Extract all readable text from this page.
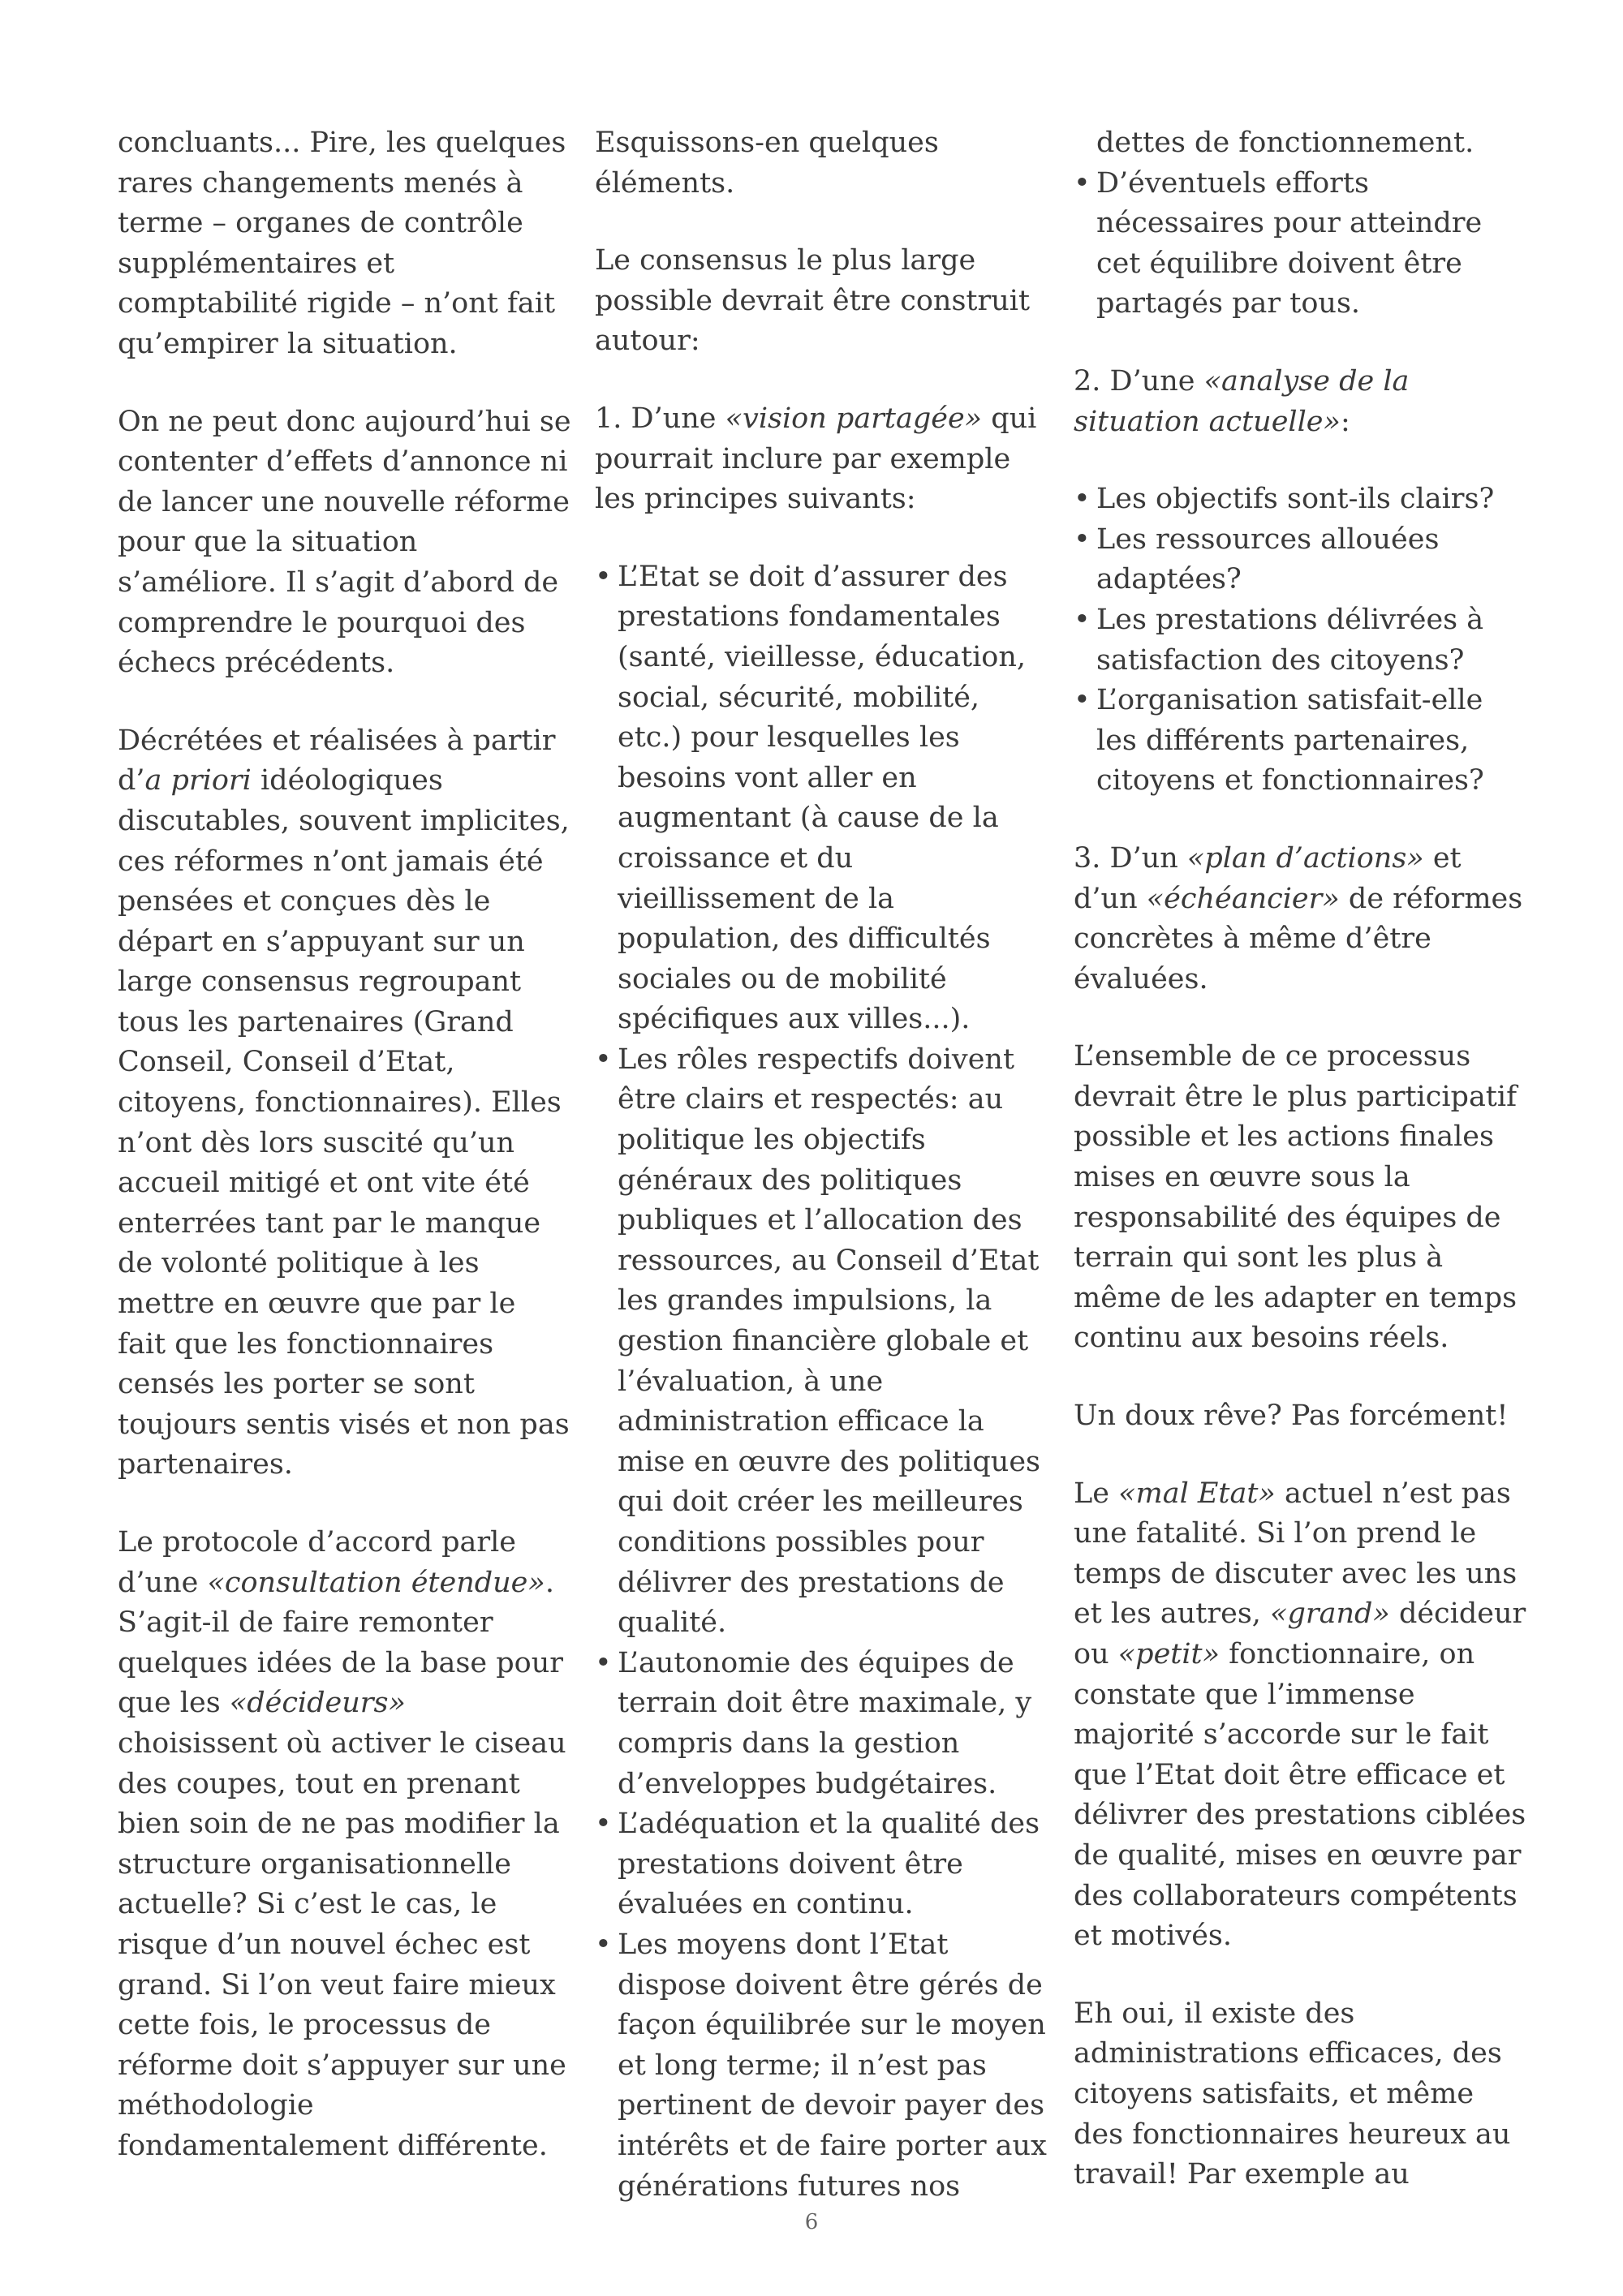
concluants... Pire, les quelques rares changements menés à terme – organes de contrôle supplémentaires et comptabilité rigide – n’ont fait qu’empirer la situation.

On ne peut donc aujourd’hui se contenter d’effets d’annonce ni de lancer une nouvelle réforme pour que la situation s’améliore. Il s’agit d’abord de comprendre le pourquoi des échecs précédents.

Décrétées et réalisées à partir d’a priori idéologiques discutables, souvent implicites, ces réformes n’ont jamais été pensées et conçues dès le départ en s’appuyant sur un large consensus regroupant tous les partenaires (Grand Conseil, Conseil d’Etat, citoyens, fonctionnaires). Elles n’ont dès lors suscité qu’un accueil mitigé et ont vite été enterrées tant par le manque de volonté politique à les mettre en œuvre que par le fait que les fonctionnaires censés les porter se sont toujours sentis visés et non pas partenaires.

Le protocole d’accord parle d’une «consultation étendue». S’agit-il de faire remonter quelques idées de la base pour que les «décideurs» choisissent où activer le ciseau des coupes, tout en prenant bien soin de ne pas modifier la structure organisationnelle actuelle? Si c’est le cas, le risque d’un nouvel échec est grand. Si l’on veut faire mieux cette fois, le processus de réforme doit s’appuyer sur une méthodologie fondamentalement différente.

Esquissons-en quelques éléments.

Le consensus le plus large possible devrait être construit autour:

1. D’une «vision partagée» qui pourrait inclure par exemple les principes suivants:

• L’Etat se doit d’assurer des prestations fondamentales (santé, vieillesse, éducation, social, sécurité, mobilité, etc.) pour lesquelles les besoins vont aller en augmentant (à cause de la croissance et du vieillissement de la population, des difficultés sociales ou de mobilité spécifiques aux villes...).
• Les rôles respectifs doivent être clairs et respectés: au politique les objectifs généraux des politiques publiques et l’allocation des ressources, au Conseil d’Etat les grandes impulsions, la gestion financière globale et l’évaluation, à une administration efficace la mise en œuvre des politiques qui doit créer les meilleures conditions possibles pour délivrer des prestations de qualité.
• L’autonomie des équipes de terrain doit être maximale, y compris dans la gestion d’enveloppes budgétaires.
• L’adéquation et la qualité des prestations doivent être évaluées en continu.
• Les moyens dont l’Etat dispose doivent être gérés de façon équilibrée sur le moyen et long terme; il n’est pas pertinent de devoir payer des intérêts et de faire porter aux générations futures nos
dettes de fonctionnement.
• D’éventuels efforts nécessaires pour atteindre cet équilibre doivent être partagés par tous.

2. D’une «analyse de la situation actuelle»:

• Les objectifs sont-ils clairs?
• Les ressources allouées adaptées?
• Les prestations délivrées à satisfaction des citoyens?
• L’organisation satisfait-elle les différents partenaires, citoyens et fonctionnaires?

3. D’un «plan d’actions» et d’un «échéancier» de réformes concrètes à même d’être évaluées.

L’ensemble de ce processus devrait être le plus participatif possible et les actions finales mises en œuvre sous la responsabilité des équipes de terrain qui sont les plus à même de les adapter en temps continu aux besoins réels.

Un doux rêve? Pas forcément!

Le «mal Etat» actuel n’est pas une fatalité. Si l’on prend le temps de discuter avec les uns et les autres, «grand» décideur ou «petit» fonctionnaire, on constate que l’immense majorité s’accorde sur le fait que l’Etat doit être efficace et délivrer des prestations ciblées de qualité, mises en œuvre par des collaborateurs compétents et motivés.

Eh oui, il existe des administrations efficaces, des citoyens satisfaits, et même des fonctionnaires heureux au travail! Par exemple au

6
